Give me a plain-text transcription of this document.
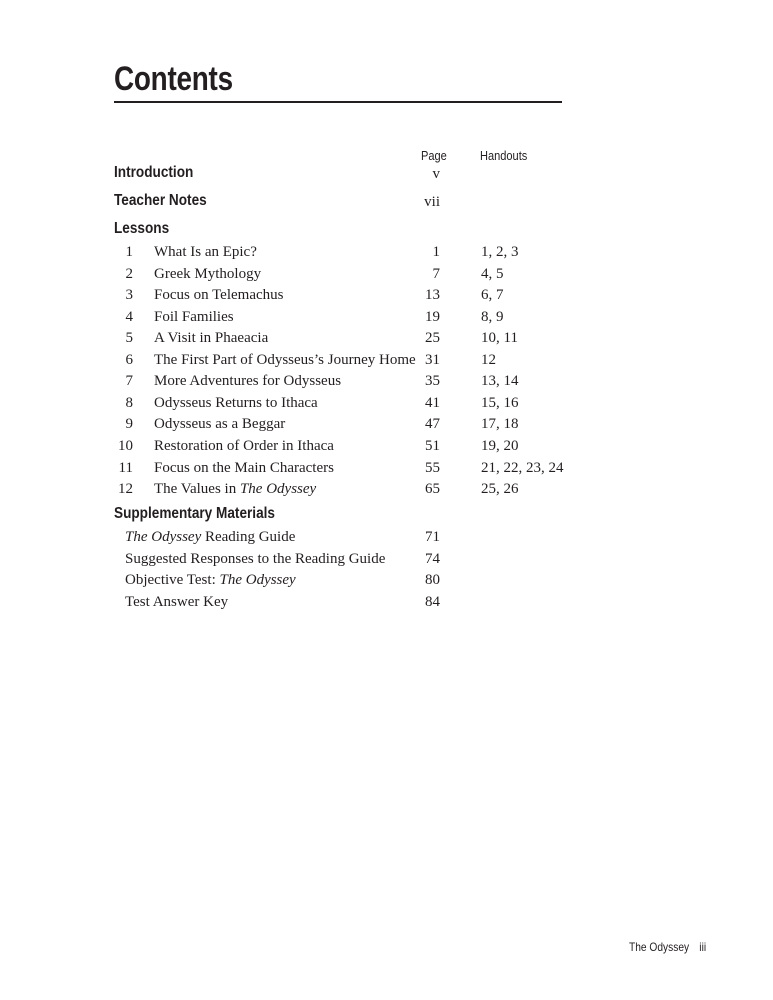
Contents
Page	Handouts
Introduction	v
Teacher Notes	vii
Lessons
1 What Is an Epic?	1	1, 2, 3
2 Greek Mythology	7	4, 5
3 Focus on Telemachus	13	6, 7
4 Foil Families	19	8, 9
5 A Visit in Phaeacia	25	10, 11
6 The First Part of Odysseus’s Journey Home 31	12
7 More Adventures for Odysseus	35	13, 14
8 Odysseus Returns to Ithaca	41	15, 16
9 Odysseus as a Beggar	47	17, 18
10 Restoration of Order in Ithaca	51	19, 20
11 Focus on the Main Characters	55	21, 22, 23, 24
12 The Values in The Odyssey	65	25, 26
Supplementary Materials
The Odyssey Reading Guide	71
Suggested Responses to the Reading Guide	74
Objective Test: The Odyssey	80
Test Answer Key	84
The Odyssey iii
